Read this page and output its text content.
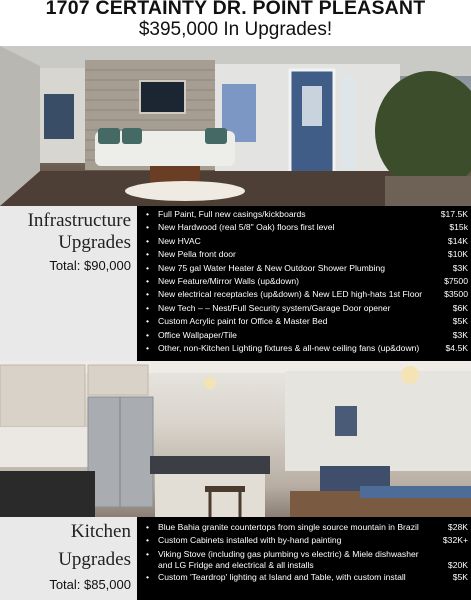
1707 CERTAINTY DR. POINT PLEASANT
$395,000 In Upgrades!
Infrastructure
Upgrades
Total: $90,000
•	Full Paint, Full new casings/kickboards	$17.5K
•	New Hardwood (real 5/8" Oak) floors first level	$15k
•	New HVAC	$14K
•	New Pella front door	$10K
•	New 75 gal Water Heater & New Outdoor Shower Plumbing	$3K
•	New Feature/Mirror Walls (up&down)	$7500
•	New electrical receptacles (up&down) & New LED high-hats 1st Floor	$3500
•	New Tech – – Nest/Full Security system/Garage Door opener	$6K
•	Custom Acrylic paint for Office & Master Bed	$5K
•	Office Wallpaper/Tile	$3K
•	Other, non-Kitchen Lighting fixtures & all-new ceiling fans (up&down)	$4.5K
Kitchen
Upgrades
Total: $85,000
•	Blue Bahia granite countertops from single source mountain in Brazil	$28K
•	Custom Cabinets installed with by-hand painting	$32K+
•	Viking Stove (including gas plumbing vs electric) & Miele dishwasher and LG Fridge and electrical & all installs	$20K
•	Custom 'Teardrop' lighting at Island and Table, with custom install	$5K
